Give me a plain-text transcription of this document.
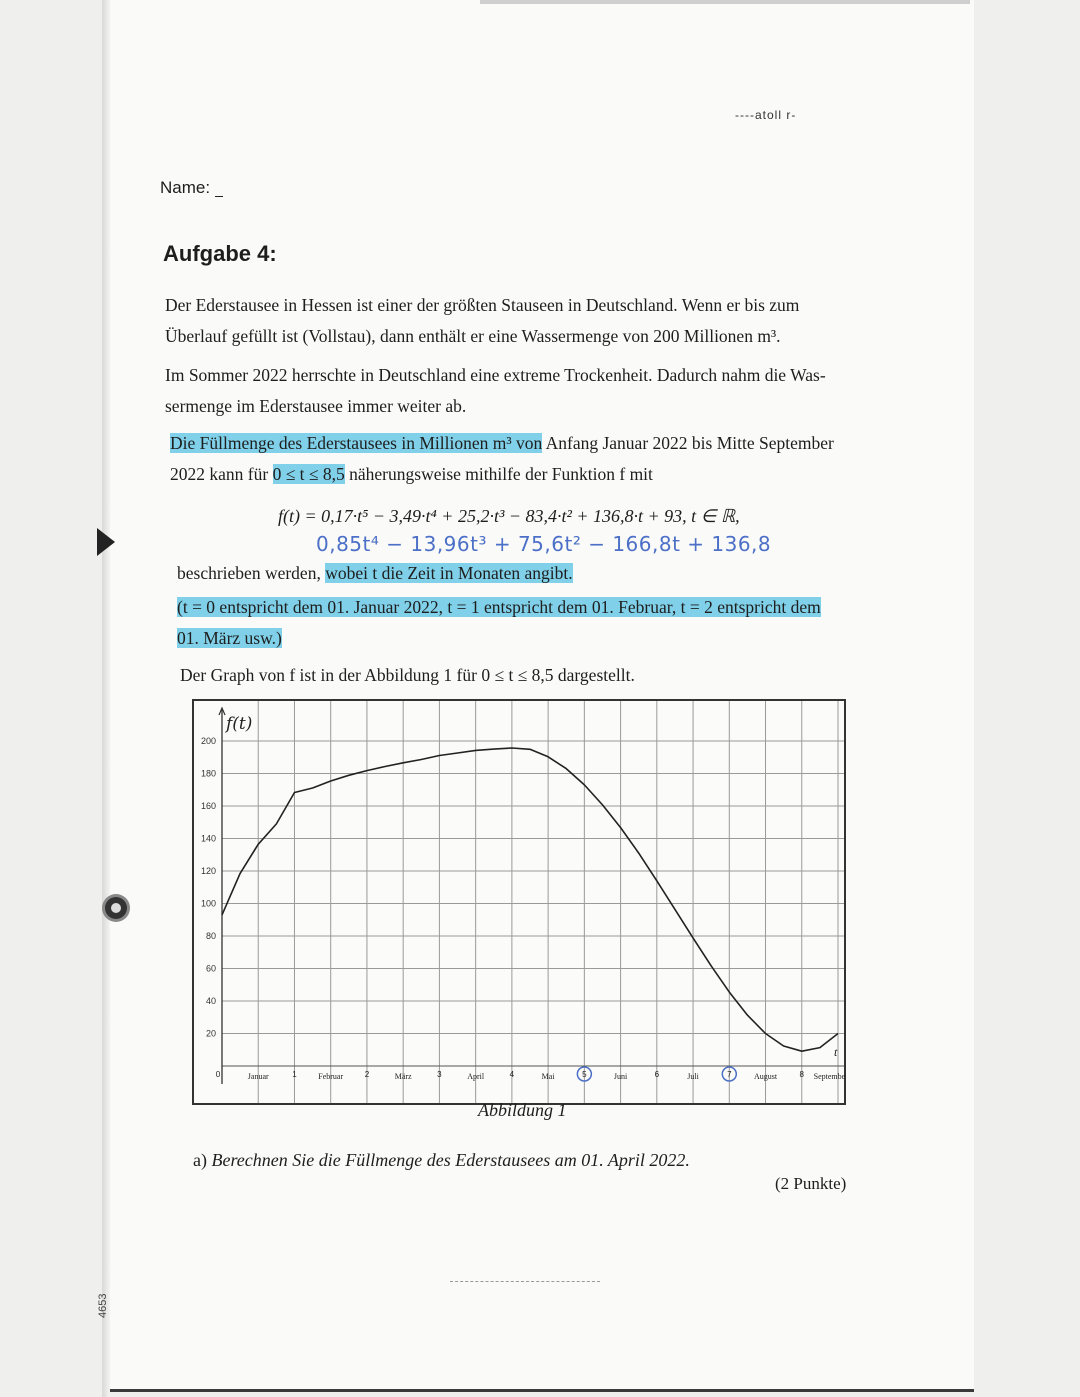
4653
----atoll r-
Name:
Aufgabe 4:
Der Ederstausee in Hessen ist einer der größten Stauseen in Deutschland. Wenn er bis zum
Überlauf gefüllt ist (Vollstau), dann enthält er eine Wassermenge von 200 Millionen m³.
Im Sommer 2022 herrschte in Deutschland eine extreme Trockenheit. Dadurch nahm die Was-
sermenge im Ederstausee immer weiter ab.
Die Füllmenge des Ederstausees in Millionen m³ von Anfang Januar 2022 bis Mitte September
2022 kann für 0 ≤ t ≤ 8,5 näherungsweise mithilfe der Funktion f mit
f(t) = 0,17·t⁵ − 3,49·t⁴ + 25,2·t³ − 83,4·t² + 136,8·t + 93, t ∈ ℝ,
0,85t⁴ − 13,96t³ + 75,6t² − 166,8t + 136,8
beschrieben werden, wobei t die Zeit in Monaten angibt.
(t = 0 entspricht dem 01. Januar 2022, t = 1 entspricht dem 01. Februar, t = 2 entspricht dem
01. März usw.)
Der Graph von f ist in der Abbildung 1 für 0 ≤ t ≤ 8,5 dargestellt.
20
40
60
80
100
120
140
160
180
200
f(t)
t
0	1	2	3	4	5	6	7	8
Januar	Februar	März	April	Mai	Juni	Juli	August	September
Abbildung 1
a) Berechnen Sie die Füllmenge des Ederstausees am 01. April 2022.
(2 Punkte)
